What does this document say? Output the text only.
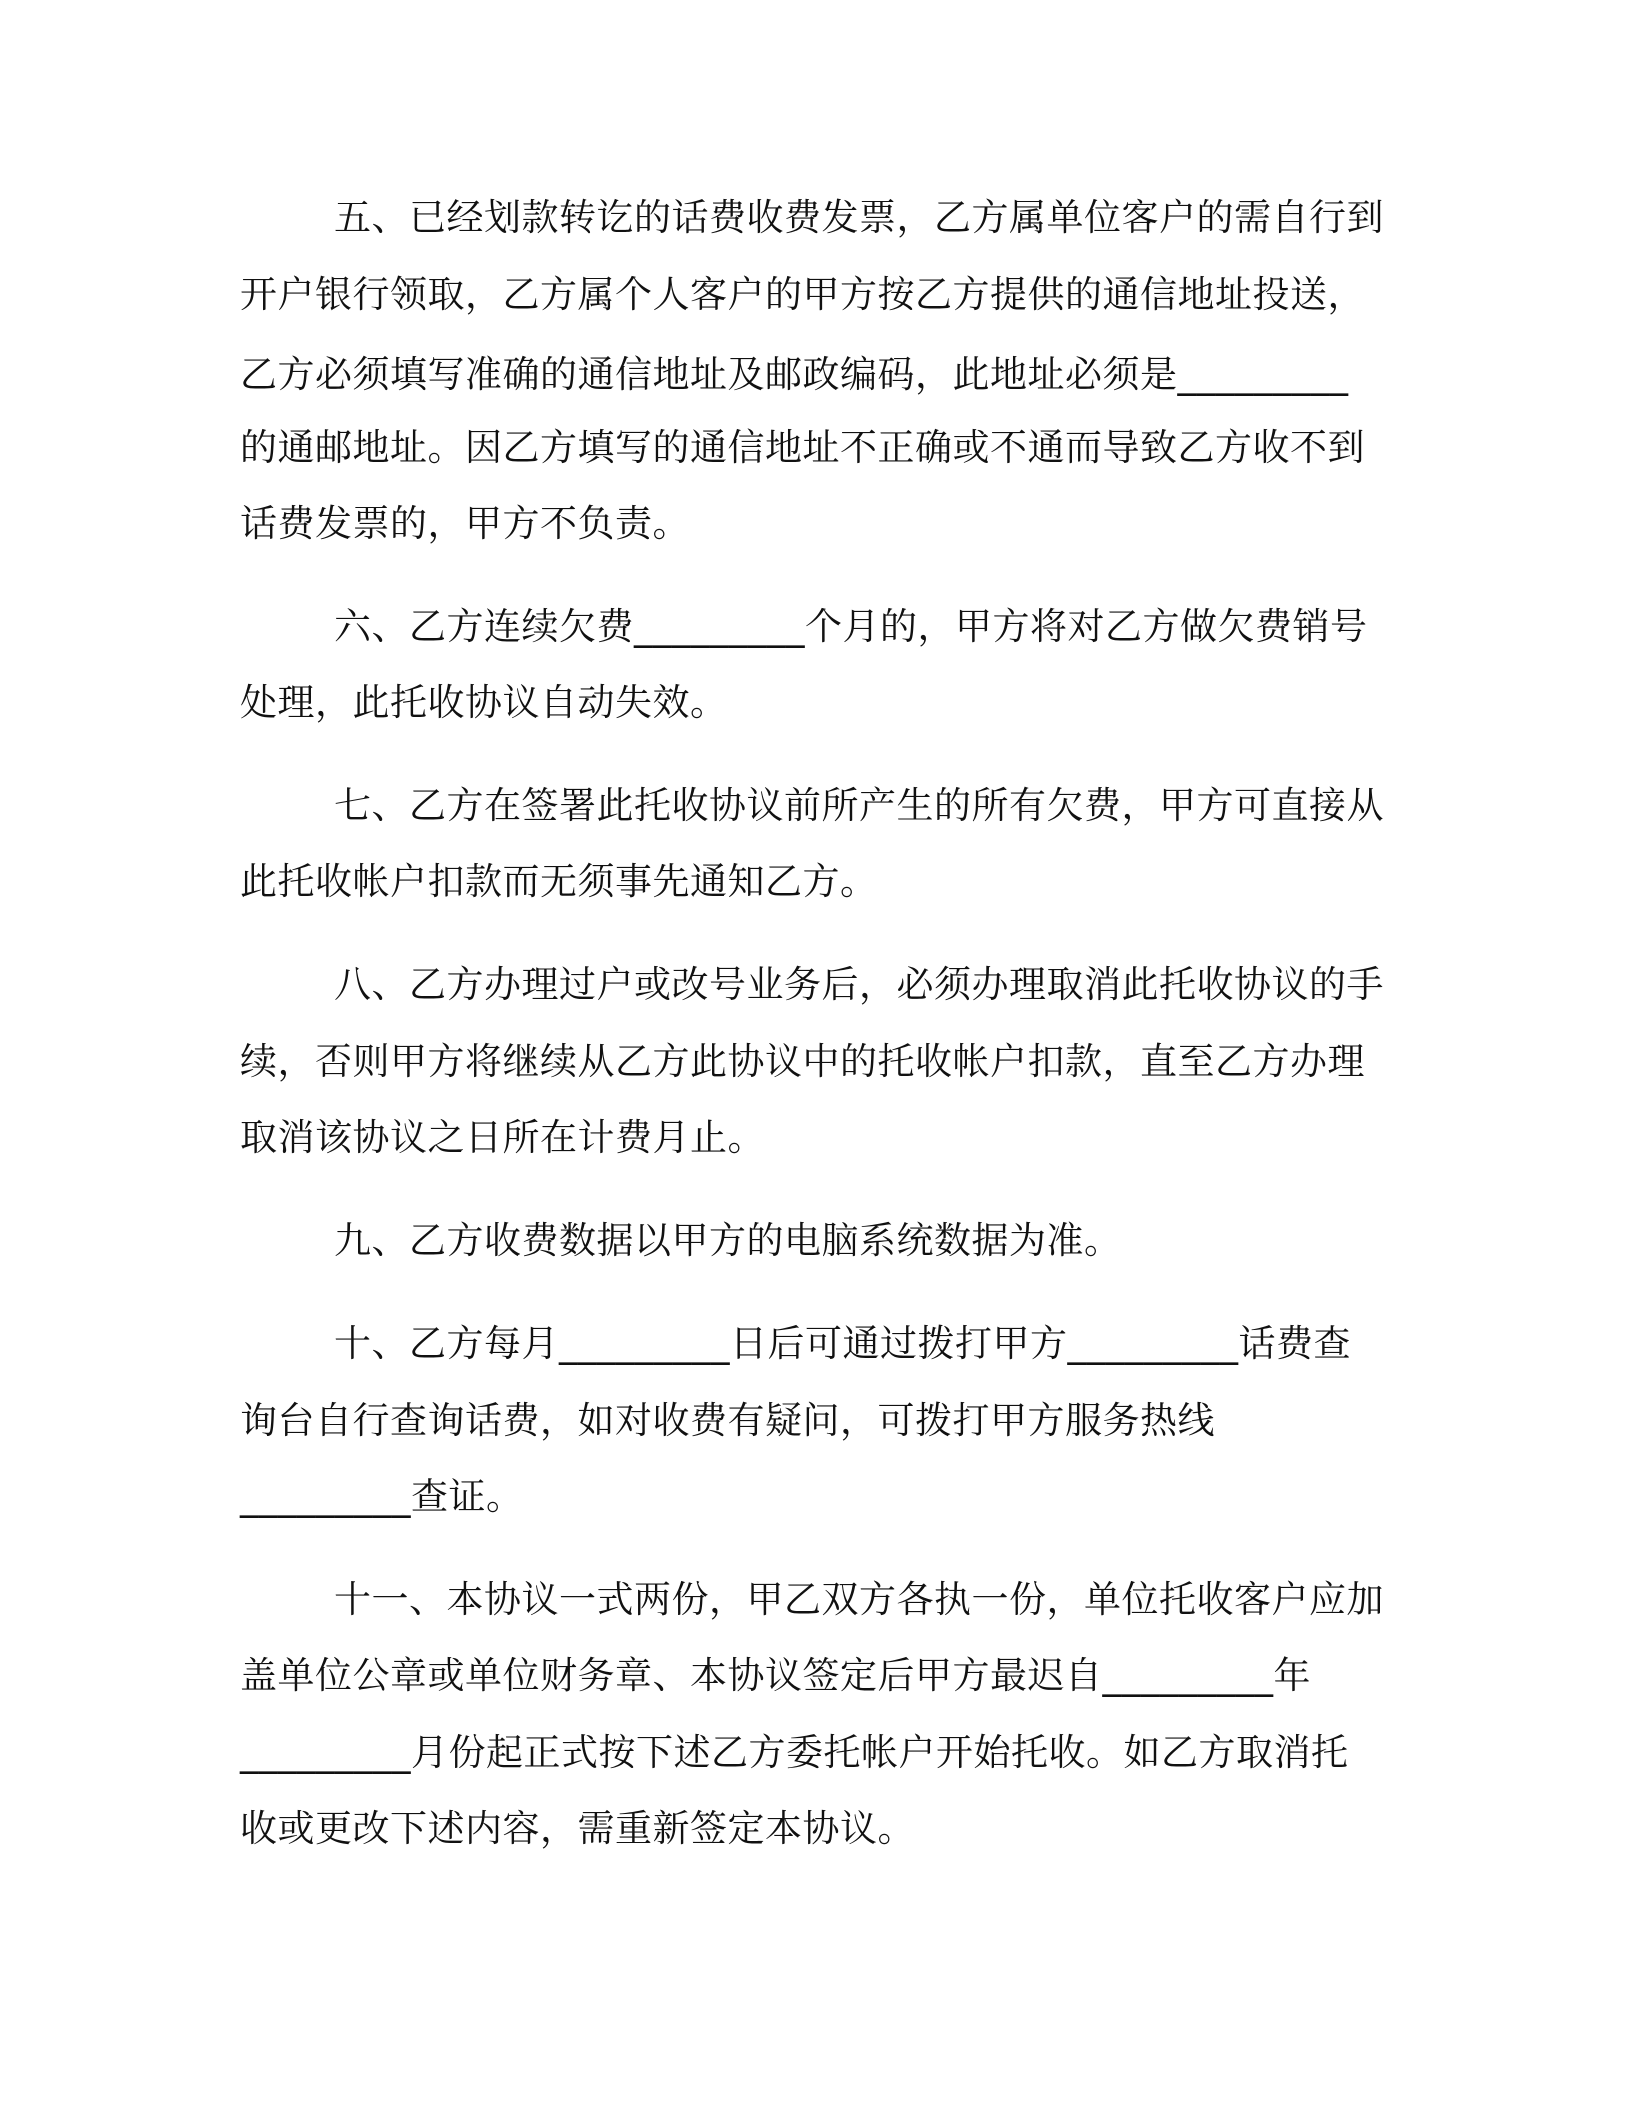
五、已经划款转讫的话费收费发票，乙方属单位客户的需自行到
开户银行领取，乙方属个人客户的甲方按乙方提供的通信地址投送，
乙方必须填写准确的通信地址及邮政编码，此地址必须是_________
的通邮地址。因乙方填写的通信地址不正确或不通而导致乙方收不到
话费发票的，甲方不负责。
六、乙方连续欠费_________个月的，甲方将对乙方做欠费销号
处理，此托收协议自动失效。
七、乙方在签署此托收协议前所产生的所有欠费，甲方可直接从
此托收帐户扣款而无须事先通知乙方。
八、乙方办理过户或改号业务后，必须办理取消此托收协议的手
续，否则甲方将继续从乙方此协议中的托收帐户扣款，直至乙方办理
取消该协议之日所在计费月止。
九、乙方收费数据以甲方的电脑系统数据为准。
十、乙方每月_________日后可通过拨打甲方_________话费查
询台自行查询话费，如对收费有疑问，可拨打甲方服务热线
_________查证。
十一、本协议一式两份，甲乙双方各执一份，单位托收客户应加
盖单位公章或单位财务章、本协议签定后甲方最迟自_________年
_________月份起正式按下述乙方委托帐户开始托收。如乙方取消托
收或更改下述内容，需重新签定本协议。
